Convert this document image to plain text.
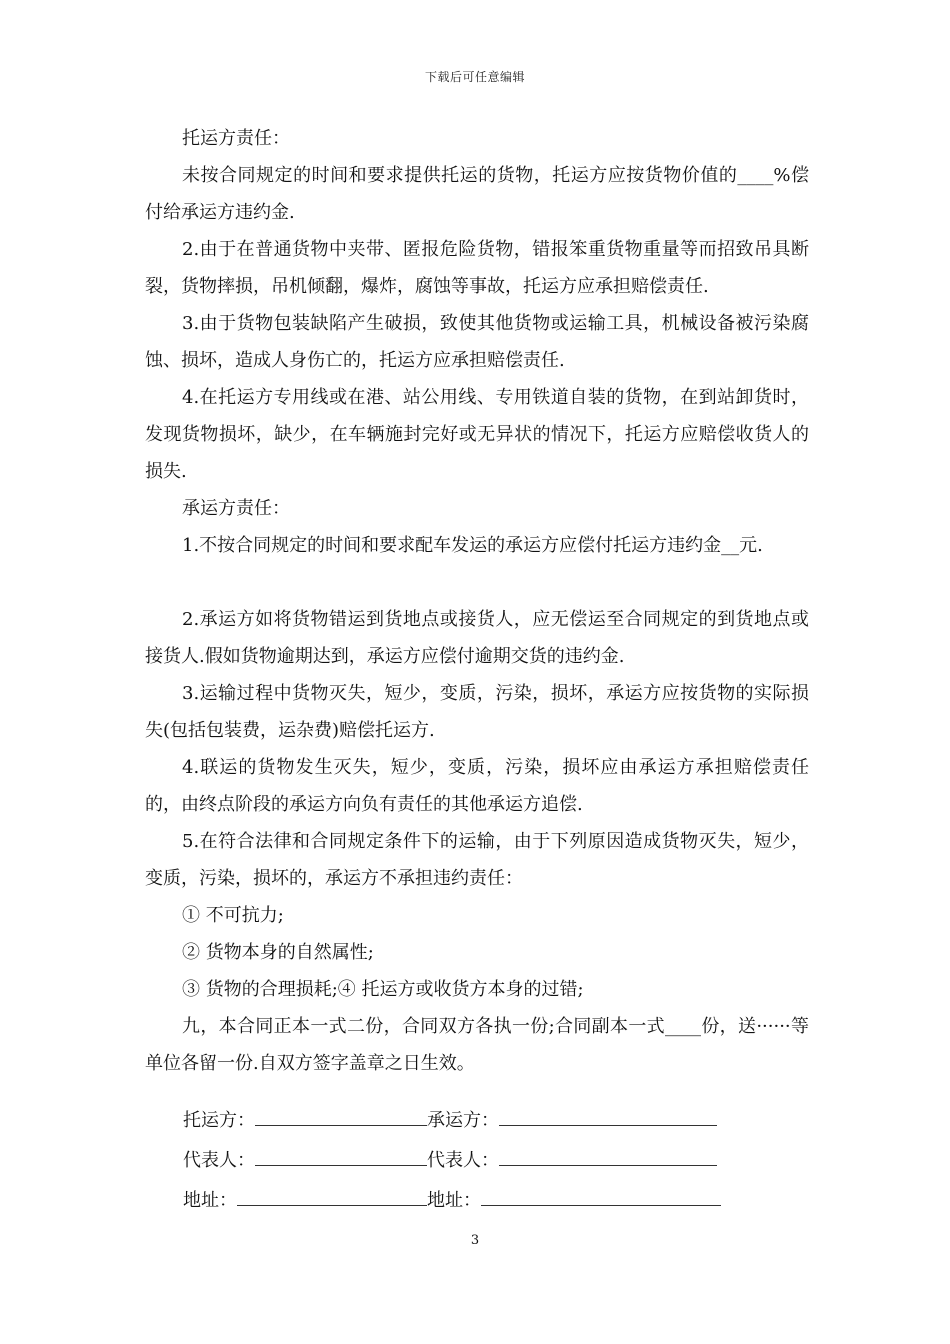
下载后可任意编辑

托运方责任：

未按合同规定的时间和要求提供托运的货物，托运方应按货物价值的____%偿付给承运方违约金.

2.由于在普通货物中夹带、匿报危险货物，错报笨重货物重量等而招致吊具断裂，货物摔损，吊机倾翻，爆炸，腐蚀等事故，托运方应承担赔偿责任.

3.由于货物包装缺陷产生破损，致使其他货物或运输工具，机械设备被污染腐蚀、损坏，造成人身伤亡的，托运方应承担赔偿责任.

4.在托运方专用线或在港、站公用线、专用铁道自装的货物，在到站卸货时，发现货物损坏，缺少，在车辆施封完好或无异状的情况下，托运方应赔偿收货人的损失.

承运方责任：

1.不按合同规定的时间和要求配车发运的承运方应偿付托运方违约金__元.

2.承运方如将货物错运到货地点或接货人，应无偿运至合同规定的到货地点或接货人.假如货物逾期达到，承运方应偿付逾期交货的违约金.

3.运输过程中货物灭失，短少，变质，污染，损坏，承运方应按货物的实际损失(包括包装费，运杂费)赔偿托运方.

4.联运的货物发生灭失，短少，变质，污染，损坏应由承运方承担赔偿责任的，由终点阶段的承运方向负有责任的其他承运方追偿.

5.在符合法律和合同规定条件下的运输，由于下列原因造成货物灭失，短少，变质，污染，损坏的，承运方不承担违约责任：

① 不可抗力;

② 货物本身的自然属性;

③ 货物的合理损耗;④ 托运方或收货方本身的过错;

九，本合同正本一式二份，合同双方各执一份;合同副本一式____份，送······等单位各留一份.自双方签字盖章之日生效。

托运方：	承运方：
代表人：	代表人：
地址：	地址：
3
